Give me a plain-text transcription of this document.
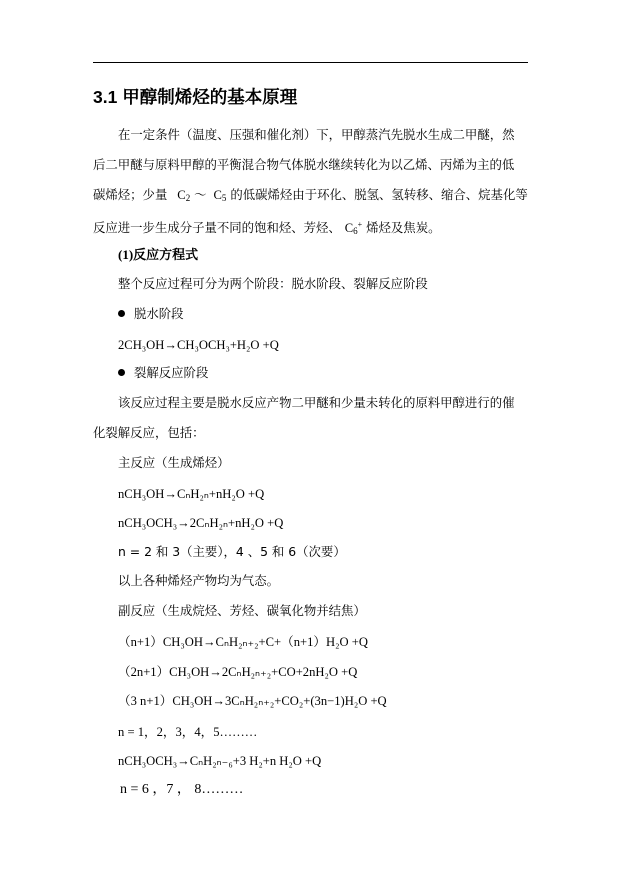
3.1 甲醇制烯烃的基本原理
在一定条件（温度、压强和催化剂）下，甲醇蒸汽先脱水生成二甲醚，然
后二甲醚与原料甲醇的平衡混合物气体脱水继续转化为以乙烯、丙烯为主的低
碳烯烃；少量 C2 ～ C5 的低碳烯烃由于环化、脱氢、氢转移、缩合、烷基化等
反应进一步生成分子量不同的饱和烃、芳烃、 C6+ 烯烃及焦炭。
(1)反应方程式
整个反应过程可分为两个阶段：脱水阶段、裂解反应阶段
脱水阶段
2CH₃OH→CH₃OCH₃+H₂O +Q
裂解反应阶段
该反应过程主要是脱水反应产物二甲醚和少量未转化的原料甲醇进行的催
化裂解反应，包括：
主反应（生成烯烃）
nCH₃OH→CₙH₂ₙ+nH₂O +Q
nCH₃OCH₃→2CₙH₂ₙ+nH₂O +Q
n = 2 和 3（主要），4 、5 和 6（次要）
以上各种烯烃产物均为气态。
副反应（生成烷烃、芳烃、碳氧化物并结焦）
（n+1）CH₃OH→CₙH₂ₙ₊₂+C+（n+1）H₂O +Q
（2n+1）CH₃OH→2CₙH₂ₙ₊₂+CO+2nH₂O +Q
（3 n+1）CH₃OH→3CₙH₂ₙ₊₂+CO₂+(3n−1)H₂O +Q
n = 1，2，3，4，5………
nCH₃OCH₃→CₙH₂ₙ₋₆+3 H₂+n H₂O +Q
n = 6 ，7 ， 8………
